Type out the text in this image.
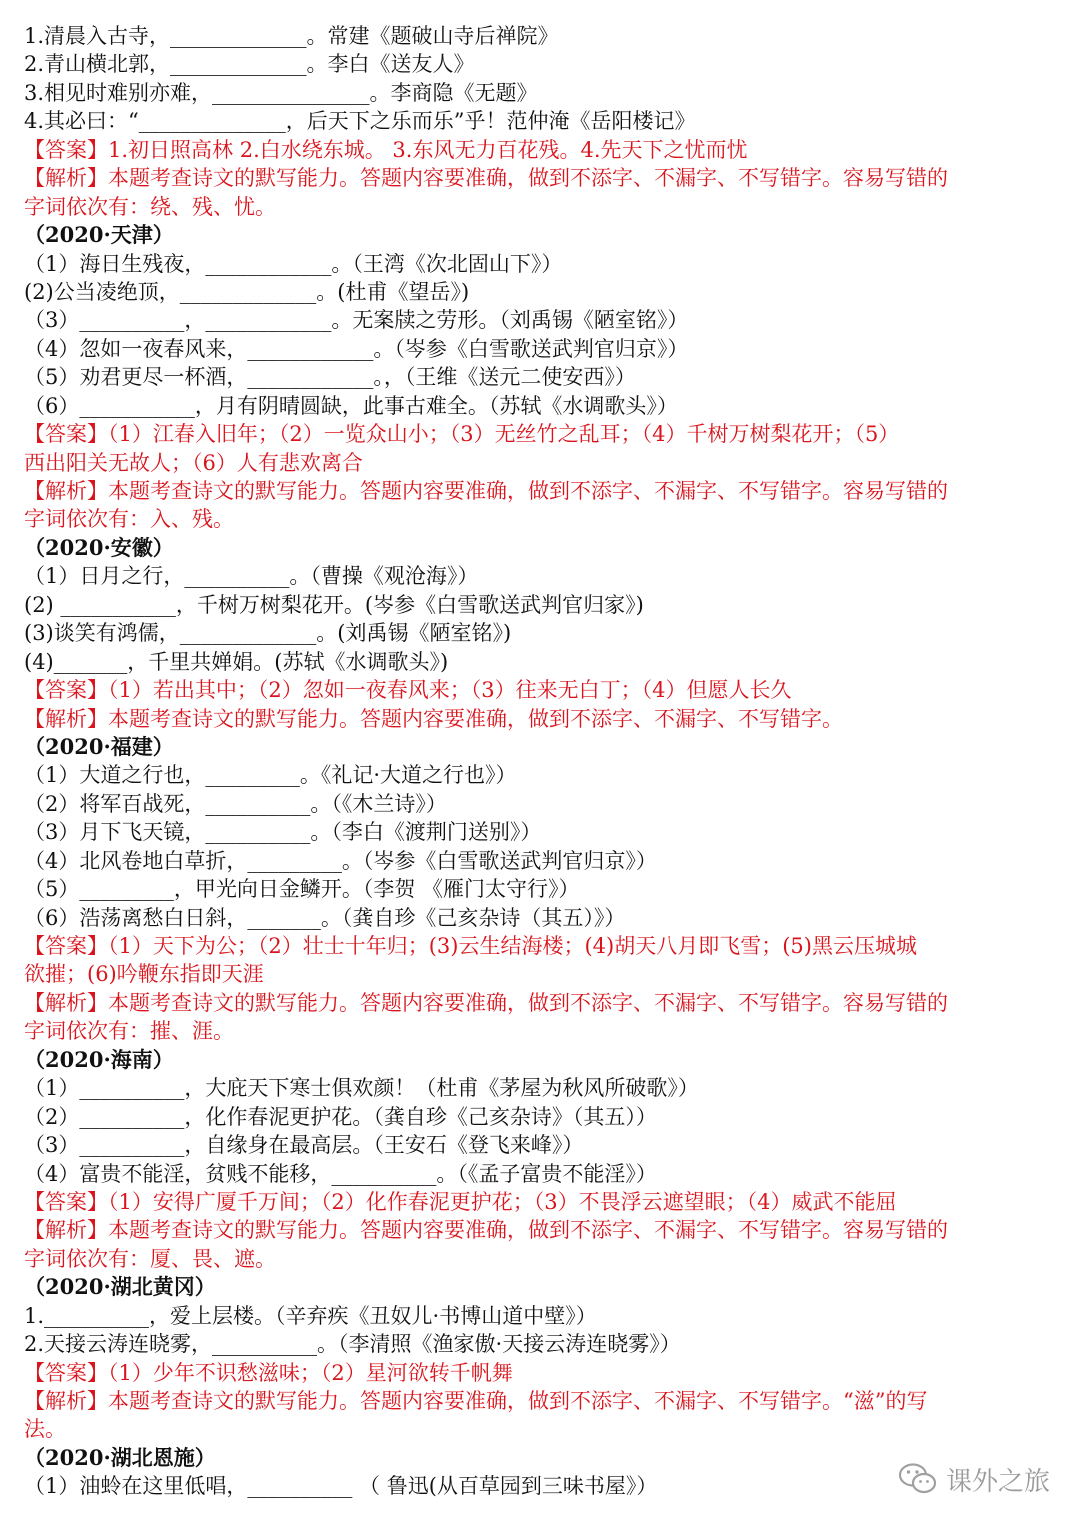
1.清晨入古寺，_____________。常建《题破山寺后禅院》
2.青山横北郭，_____________。李白《送友人》
3.相见时难别亦难，_______________。李商隐《无题》
4.其必曰：“______________，后天下之乐而乐”乎！范仲淹《岳阳楼记》
【答案】1.初日照高林 2.白水绕东城。 3.东风无力百花残。4.先天下之忧而忧
【解析】本题考查诗文的默写能力。答题内容要准确，做到不添字、不漏字、不写错字。容易写错的
字词依次有：绕、残、忧。
（2020·天津）
（1）海日生残夜，____________。（王湾《次北固山下》）
(2)公当凌绝顶，_____________。(杜甫《望岳》)
（3）__________，____________。无案牍之劳形。（刘禹锡《陋室铭》）
（4）忽如一夜春风来，____________。（岑参《白雪歌送武判官归京》）
（5）劝君更尽一杯酒，____________。，（王维《送元二使安西》）
（6）___________，月有阴晴圆缺，此事古难全。（苏轼《水调歌头》）
【答案】（1）江春入旧年；（2）一览众山小；（3）无丝竹之乱耳；（4）千树万树梨花开；（5）
西出阳关无故人；（6）人有悲欢离合
【解析】本题考查诗文的默写能力。答题内容要准确，做到不添字、不漏字、不写错字。容易写错的
字词依次有：入、残。
（2020·安徽）
（1）日月之行，__________。（曹操《观沧海》）
(2) ___________，千树万树梨花开。(岑参《白雪歌送武判官归家》)
(3)谈笑有鸿儒，_____________。(刘禹锡《陋室铭》)
(4)_______，千里共婵娟。(苏轼《水调歌头》)
【答案】（1）若出其中；（2）忽如一夜春风来；（3）往来无白丁；（4）但愿人长久
【解析】本题考查诗文的默写能力。答题内容要准确，做到不添字、不漏字、不写错字。
（2020·福建）
（1）大道之行也，_________。《礼记·大道之行也》）
（2）将军百战死，__________。（《木兰诗》）
（3）月下飞天镜，__________。（李白《渡荆门送别》）
（4）北风卷地白草折，_________。（岑参《白雪歌送武判官归京》）
（5）_________，甲光向日金鳞开。（李贺 《雁门太守行》）
（6）浩荡离愁白日斜，_______。（龚自珍《己亥杂诗（其五）》）
【答案】（1）天下为公；（2）壮士十年归；(3)云生结海楼；(4)胡天八月即飞雪；(5)黑云压城城
欲摧；(6)吟鞭东指即天涯
【解析】本题考查诗文的默写能力。答题内容要准确，做到不添字、不漏字、不写错字。容易写错的
字词依次有：摧、涯。
（2020·海南）
（1）__________，大庇天下寒士俱欢颜！（杜甫《茅屋为秋风所破歌》）
（2）__________，化作春泥更护花。（龚自珍《己亥杂诗》（其五））
（3）__________，自缘身在最高层。（王安石《登飞来峰》）
（4）富贵不能淫，贫贱不能移，__________。（《孟子富贵不能淫》）
【答案】（1）安得广厦千万间；（2）化作春泥更护花；（3）不畏浮云遮望眼；（4）威武不能屈
【解析】本题考查诗文的默写能力。答题内容要准确，做到不添字、不漏字、不写错字。容易写错的
字词依次有：厦、畏、遮。
（2020·湖北黄冈）
1.__________，爱上层楼。（辛弃疾《丑奴儿·书博山道中壁》）
2.天接云涛连晓雾，__________。（李清照《渔家傲·天接云涛连晓雾》）
【答案】（1）少年不识愁滋味；（2）星河欲转千帆舞
【解析】本题考查诗文的默写能力。答题内容要准确，做到不添字、不漏字、不写错字。“滋”的写
法。
（2020·湖北恩施）
（1）油蛉在这里低唱，__________ （ 鲁迅(从百草园到三味书屋》）	课外之旅
